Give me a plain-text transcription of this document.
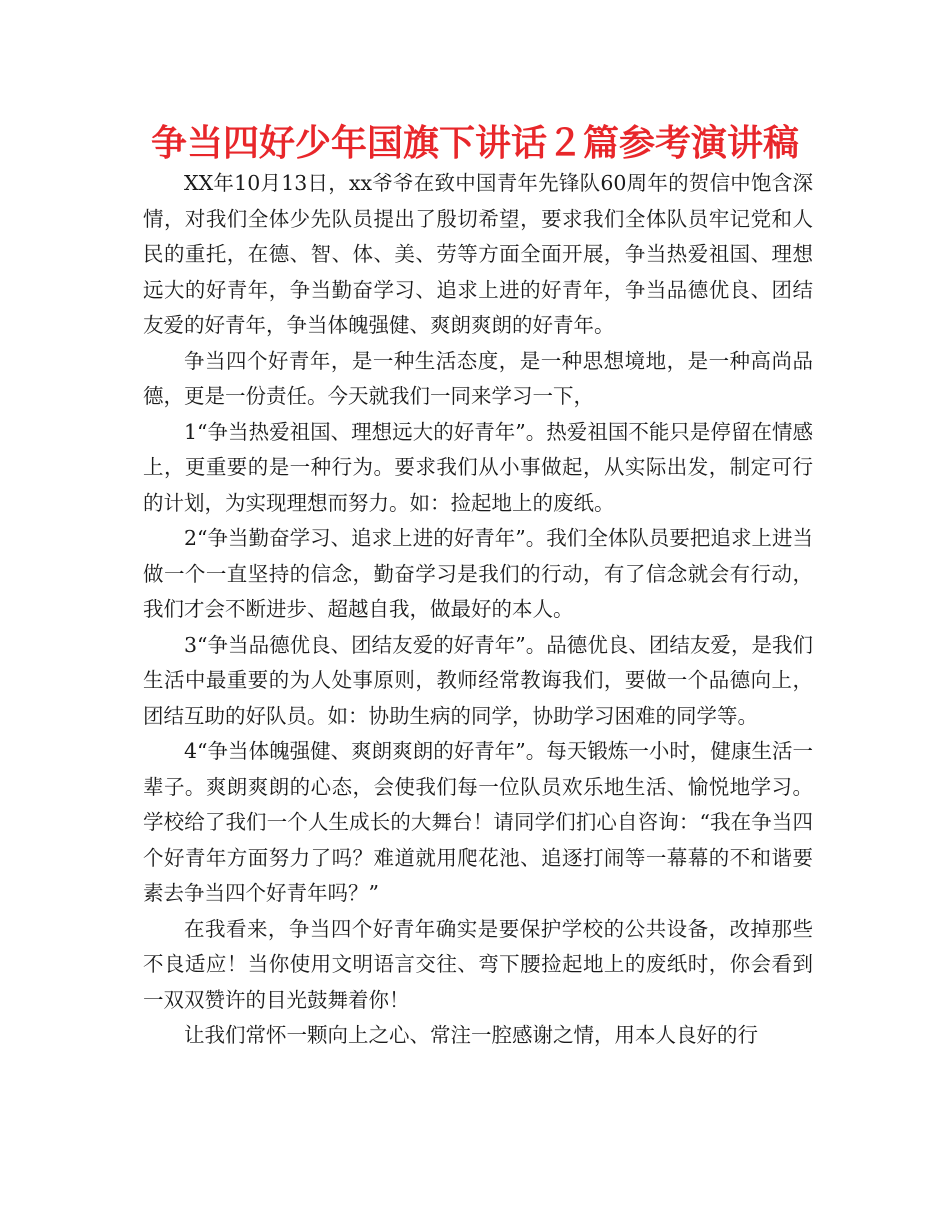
争当四好少年国旗下讲话２篇参考演讲稿

XX年10月13日，xx爷爷在致中国青年先锋队60周年的贺信中饱含深情，对我们全体少先队员提出了殷切希望，要求我们全体队员牢记党和人民的重托，在德、智、体、美、劳等方面全面开展，争当热爱祖国、理想远大的好青年，争当勤奋学习、追求上进的好青年，争当品德优良、团结友爱的好青年，争当体魄强健、爽朗爽朗的好青年。

争当四个好青年，是一种生活态度，是一种思想境地，是一种高尚品德，更是一份责任。今天就我们一同来学习一下，

1“争当热爱祖国、理想远大的好青年”。热爱祖国不能只是停留在情感上，更重要的是一种行为。要求我们从小事做起，从实际出发，制定可行的计划，为实现理想而努力。如：捡起地上的废纸。

2“争当勤奋学习、追求上进的好青年”。我们全体队员要把追求上进当做一个一直坚持的信念，勤奋学习是我们的行动，有了信念就会有行动，我们才会不断进步、超越自我，做最好的本人。

3“争当品德优良、团结友爱的好青年”。品德优良、团结友爱，是我们生活中最重要的为人处事原则，教师经常教诲我们，要做一个品德向上，团结互助的好队员。如：协助生病的同学，协助学习困难的同学等。

4“争当体魄强健、爽朗爽朗的好青年”。每天锻炼一小时，健康生活一辈子。爽朗爽朗的心态，会使我们每一位队员欢乐地生活、愉悦地学习。学校给了我们一个人生成长的大舞台！请同学们扪心自咨询：“我在争当四个好青年方面努力了吗？难道就用爬花池、追逐打闹等一幕幕的不和谐要素去争当四个好青年吗？”

在我看来，争当四个好青年确实是要保护学校的公共设备，改掉那些不良适应！当你使用文明语言交往、弯下腰捡起地上的废纸时，你会看到一双双赞许的目光鼓舞着你！

让我们常怀一颗向上之心、常注一腔感谢之情，用本人良好的行
